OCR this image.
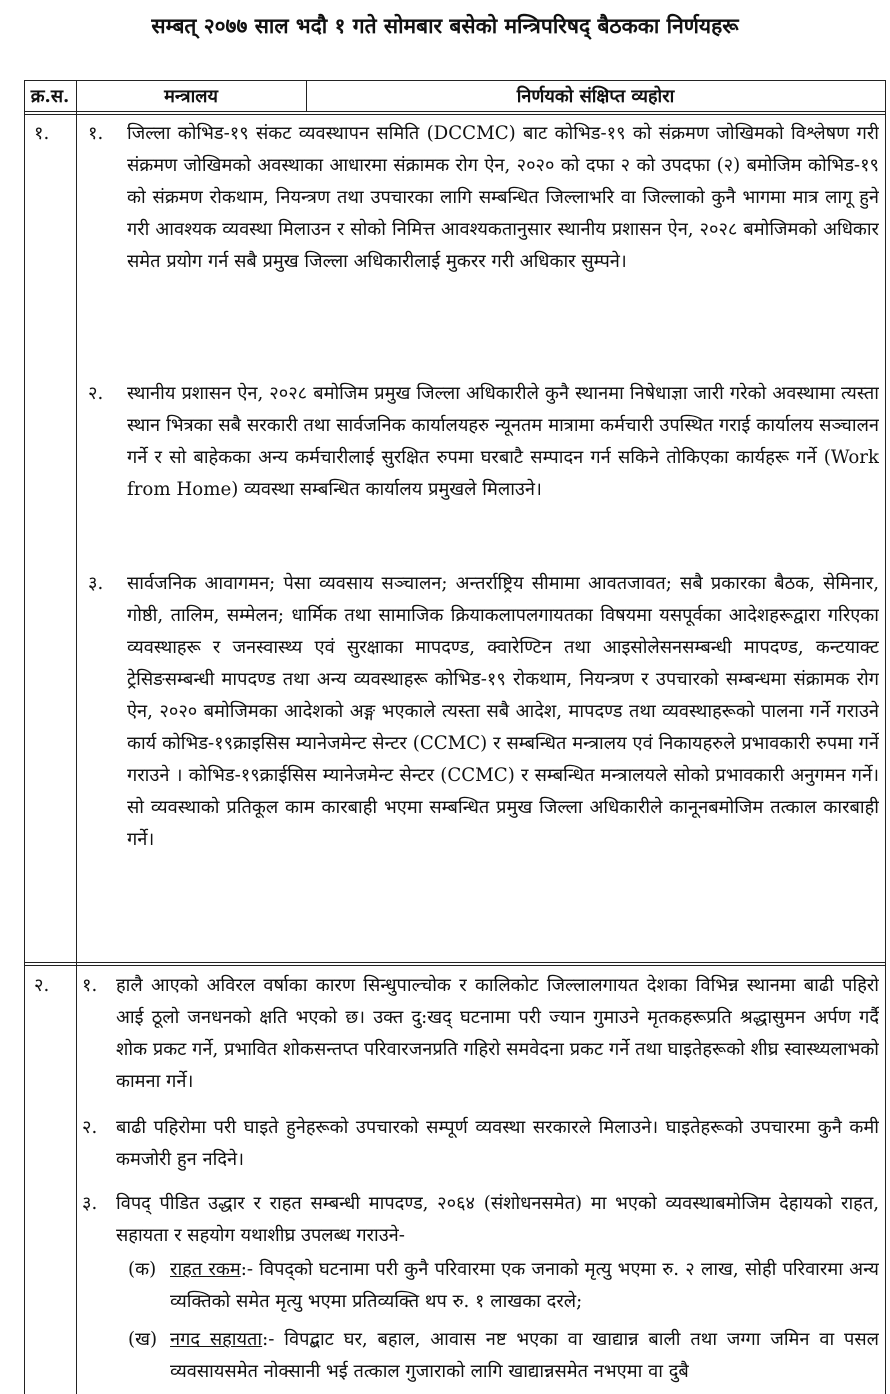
सम्बत् २०७७ साल भदौ १ गते सोमबार बसेको मन्त्रिपरिषद् बैठकका निर्णयहरू
क्र.स.	मन्त्रालय	निर्णयको संक्षिप्त व्यहोरा
१. १. जिल्ला कोभिड-१९ संकट व्यवस्थापन समिति (DCCMC) बाट कोभिड-१९ को संक्रमण जोखिमको विश्लेषण गरी संक्रमण जोखिमको अवस्थाका आधारमा संक्रामक रोग ऐन, २०२० को दफा २ को उपदफा (२) बमोजिम कोभिड-१९ को संक्रमण रोकथाम, नियन्त्रण तथा उपचारका लागि सम्बन्धित जिल्लाभरि वा जिल्लाको कुनै भागमा मात्र लागू हुने गरी आवश्यक व्यवस्था मिलाउन र सोको निमित्त आवश्यकतानुसार स्थानीय प्रशासन ऐन, २०२८ बमोजिमको अधिकार समेत प्रयोग गर्न सबै प्रमुख जिल्ला अधिकारीलाई मुकरर गरी अधिकार सुम्पने।
२. स्थानीय प्रशासन ऐन, २०२८ बमोजिम प्रमुख जिल्ला अधिकारीले कुनै स्थानमा निषेधाज्ञा जारी गरेको अवस्थामा त्यस्ता स्थान भित्रका सबै सरकारी तथा सार्वजनिक कार्यालयहरु न्यूनतम मात्रामा कर्मचारी उपस्थित गराई कार्यालय सञ्चालन गर्ने र सो बाहेकका अन्य कर्मचारीलाई सुरक्षित रुपमा घरबाटै सम्पादन गर्न सकिने तोकिएका कार्यहरू गर्ने (Work from Home) व्यवस्था सम्बन्धित कार्यालय प्रमुखले मिलाउने।
३. सार्वजनिक आवागमन; पेसा व्यवसाय सञ्चालन; अन्तर्राष्ट्रिय सीमामा आवतजावत; सबै प्रकारका बैठक, सेमिनार, गोष्ठी, तालिम, सम्मेलन; धार्मिक तथा सामाजिक क्रियाकलापलगायतका विषयमा यसपूर्वका आदेशहरूद्वारा गरिएका व्यवस्थाहरू र जनस्वास्थ्य एवं सुरक्षाका मापदण्ड, क्वारेण्टिन तथा आइसोलेसनसम्बन्धी मापदण्ड, कन्टयाक्ट ट्रेसिङसम्बन्धी मापदण्ड तथा अन्य व्यवस्थाहरू कोभिड-१९ रोकथाम, नियन्त्रण र उपचारको सम्बन्धमा संक्रामक रोग ऐन, २०२० बमोजिमका आदेशको अङ्ग भएकाले त्यस्ता सबै आदेश, मापदण्ड तथा व्यवस्थाहरूको पालना गर्ने गराउने कार्य कोभिड-१९क्राइसिस म्यानेजमेन्ट सेन्टर (CCMC) र सम्बन्धित मन्त्रालय एवं निकायहरुले प्रभावकारी रुपमा गर्ने गराउने । कोभिड-१९क्राईसिस म्यानेजमेन्ट सेन्टर (CCMC) र सम्बन्धित मन्त्रालयले सोको प्रभावकारी अनुगमन गर्ने। सो व्यवस्थाको प्रतिकूल काम कारबाही भएमा सम्बन्धित प्रमुख जिल्ला अधिकारीले कानूनबमोजिम तत्काल कारबाही गर्ने।
२. १. हालै आएको अविरल वर्षाका कारण सिन्धुपाल्चोक र कालिकोट जिल्लालगायत देशका विभिन्न स्थानमा बाढी पहिरो आई ठूलो जनधनको क्षति भएको छ। उक्त दु:खद् घटनामा परी ज्यान गुमाउने मृतकहरूप्रति श्रद्धासुमन अर्पण गर्दै शोक प्रकट गर्ने, प्रभावित शोकसन्तप्त परिवारजनप्रति गहिरो समवेदना प्रकट गर्ने तथा घाइतेहरूको शीघ्र स्वास्थ्यलाभको कामना गर्ने।
२. बाढी पहिरोमा परी घाइते हुनेहरूको उपचारको सम्पूर्ण व्यवस्था सरकारले मिलाउने। घाइतेहरूको उपचारमा कुनै कमी कमजोरी हुन नदिने।
३. विपद् पीडित उद्धार र राहत सम्बन्धी मापदण्ड, २०६४ (संशोधनसमेत) मा भएको व्यवस्थाबमोजिम देहायको राहत, सहायता र सहयोग यथाशीघ्र उपलब्ध गराउने-
(क) राहत रकम:- विपद्को घटनामा परी कुनै परिवारमा एक जनाको मृत्यु भएमा रु. २ लाख, सोही परिवारमा अन्य व्यक्तिको समेत मृत्यु भएमा प्रतिव्यक्ति थप रु. १ लाखका दरले;
(ख) नगद सहायता:- विपद्बाट घर, बहाल, आवास नष्ट भएका वा खाद्यान्न बाली तथा जग्गा जमिन वा पसल व्यवसायसमेत नोक्सानी भई तत्काल गुजाराको लागि खाद्यान्नसमेत नभएमा वा दुबै
